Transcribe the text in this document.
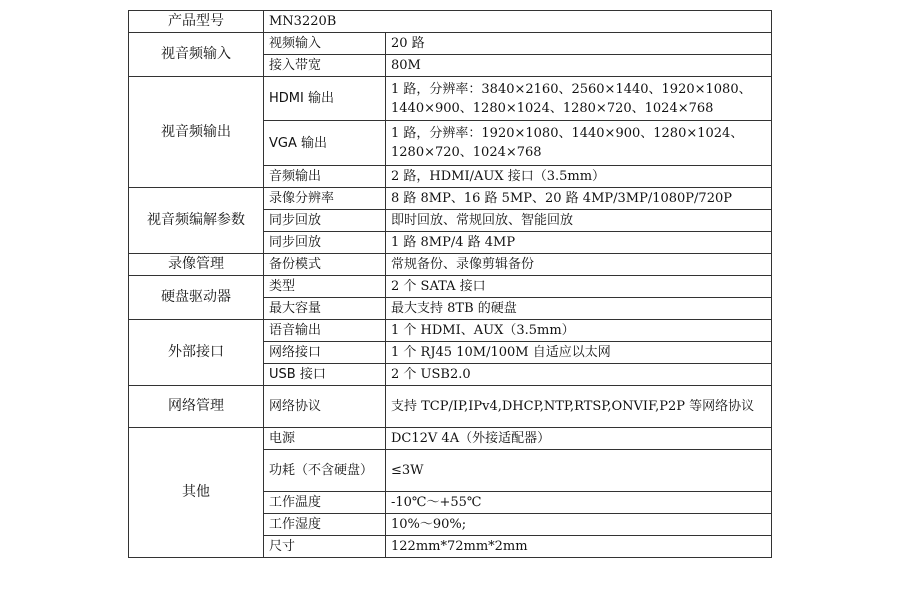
产品型号	MN3220B	
视音频输入	视频输入	20 路
	接入带宽	80M
视音频输出	HDMI 输出	1 路，分辨率：3840×2160、2560×1440、1920×1080、1440×900、1280×1024、1280×720、1024×768
	VGA 输出	1 路，分辨率：1920×1080、1440×900、1280×1024、1280×720、1024×768
	音频输出	2 路，HDMI/AUX 接口（3.5mm）
视音频编解参数	录像分辨率	8 路 8MP、16 路 5MP、20 路 4MP/3MP/1080P/720P
	同步回放	即时回放、常规回放、智能回放
	同步回放	1 路 8MP/4 路 4MP
录像管理	备份模式	常规备份、录像剪辑备份
硬盘驱动器	类型	2 个 SATA 接口
	最大容量	最大支持 8TB 的硬盘
外部接口	语音输出	1 个 HDMI、AUX（3.5mm）
	网络接口	1 个 RJ45 10M/100M 自适应以太网
	USB 接口	2 个 USB2.0
网络管理	网络协议	支持 TCP/IP,IPv4,DHCP,NTP,RTSP,ONVIF,P2P 等网络协议
其他	电源	DC12V 4A（外接适配器）
	功耗（不含硬盘）	≤3W
	工作温度	-10℃～+55℃
	工作湿度	10%～90%;
	尺寸	122mm*72mm*2mm
